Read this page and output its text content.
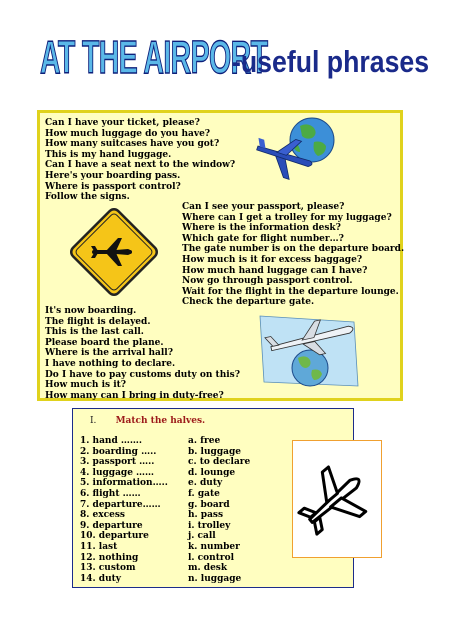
AT THE AIRPORT
-useful phrases
Can I have your ticket, please?
How much luggage do you have?
How many suitcases have you got?
This is my hand luggage.
Can I have a seat next to the window?
Here's your boarding pass.
Where is passport control?
Follow the signs.
Can I see your passport, please?
Where can I get a trolley for my luggage?
Where is the information desk?
Which gate for flight number…?
The gate number is on the departure board.
How much is it for excess baggage?
How much hand luggage can I have?
Now go through passport control.
Wait for the flight in the departure lounge.
Check the departure gate.
It's now boarding.
The flight is delayed.
This is the last call.
Please board the plane.
Where is the arrival hall?
I have nothing to declare.
Do I have to pay customs duty on this?
How much is it?
How many can I bring in duty-free?
I. Match the halves.
1. hand …….
2. boarding …..
3. passport …..
4. luggage ……
5. information…..
6. flight ……
7. departure……
8. excess
9. departure
10. departure
11. last
12. nothing
13. custom
14. duty
a. free
b. luggage
c. to declare
d. lounge
e. duty
f. gate
g. board
h. pass
i. trolley
j. call
k. number
l. control
m. desk
n. luggage
